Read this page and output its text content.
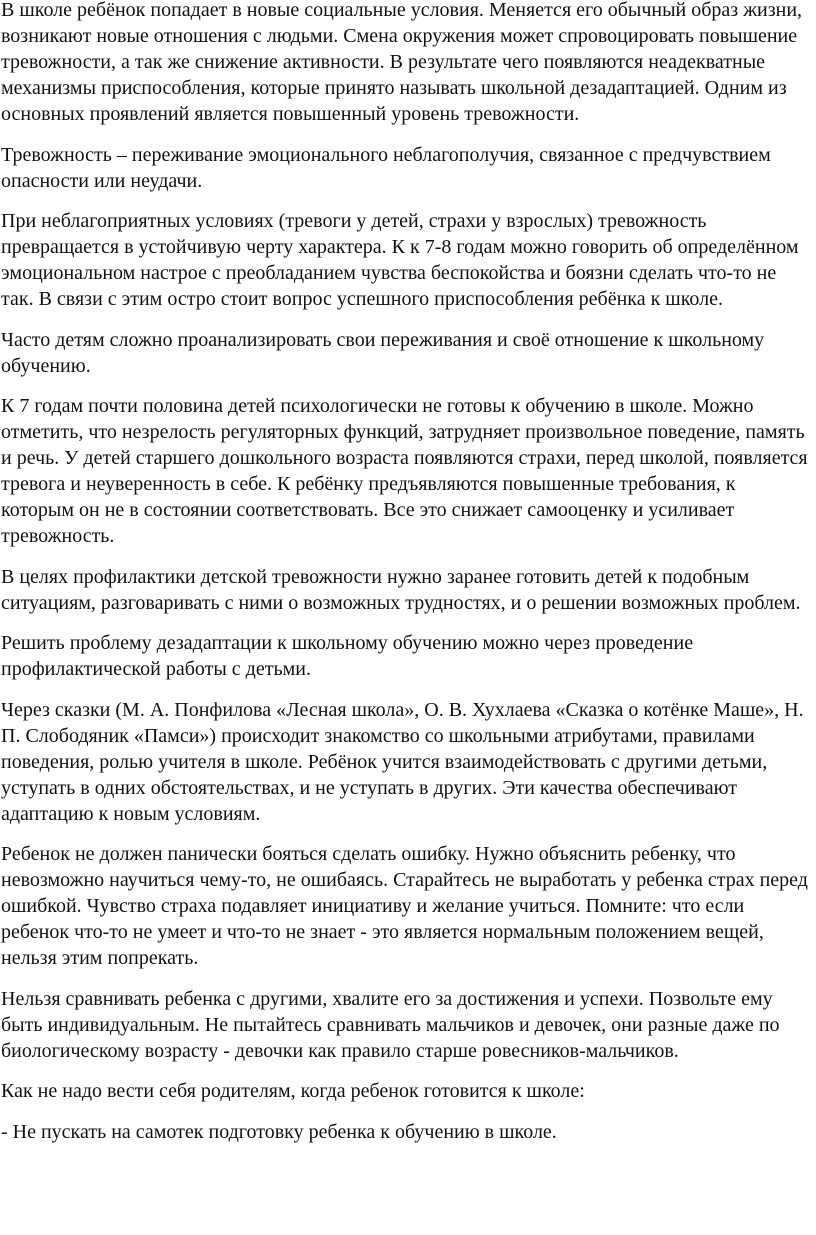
В школе ребёнок попадает в новые социальные условия. Меняется его обычный образ жизни, возникают новые отношения с людьми. Смена окружения может спровоцировать повышение тревожности, а так же снижение активности. В результате чего появляются неадекватные механизмы приспособления, которые принято называть школьной дезадаптацией. Одним из основных проявлений является повышенный уровень тревожности.

Тревожность – переживание эмоционального неблагополучия, связанное с предчувствием опасности или неудачи.

При неблагоприятных условиях (тревоги у детей, страхи у взрослых) тревожность превращается в устойчивую черту характера. К к 7-8 годам можно говорить об определённом эмоциональном настрое с преобладанием чувства беспокойства и боязни сделать что-то не так. В связи с этим остро стоит вопрос успешного приспособления ребёнка к школе.

Часто детям сложно проанализировать свои переживания и своё отношение к школьному обучению.

К 7 годам почти половина детей психологически не готовы к обучению в школе. Можно отметить, что незрелость регуляторных функций, затрудняет произвольное поведение, память и речь. У детей старшего дошкольного возраста появляются страхи, перед школой, появляется тревога и неуверенность в себе. К ребёнку предъявляются повышенные требования, к которым он не в состоянии соответствовать. Все это снижает самооценку и усиливает тревожность.

В целях профилактики детской тревожности нужно заранее готовить детей к подобным ситуациям, разговаривать с ними о возможных трудностях, и о решении возможных проблем.

Решить проблему дезадаптации к школьному обучению можно через проведение профилактической работы с детьми.

Через сказки (М. А. Понфилова «Лесная школа», О. В. Хухлаева «Сказка о котёнке Маше», Н. П. Слободяник «Памси») происходит знакомство со школьными атрибутами, правилами поведения, ролью учителя в школе. Ребёнок учится взаимодействовать с другими детьми, уступать в одних обстоятельствах, и не уступать в других. Эти качества обеспечивают адаптацию к новым условиям.

Ребенок не должен панически бояться сделать ошибку. Нужно объяснить ребенку, что невозможно научиться чему-то, не ошибаясь. Старайтесь не выработать у ребенка страх перед ошибкой. Чувство страха подавляет инициативу и желание учиться. Помните: что если ребенок что-то не умеет и что-то не знает - это является нормальным положением вещей, нельзя этим попрекать.

Нельзя сравнивать ребенка с другими, хвалите его за достижения и успехи. Позвольте ему быть индивидуальным. Не пытайтесь сравнивать мальчиков и девочек, они разные даже по биологическому возрасту - девочки как правило старше ровесников-мальчиков.

Как не надо вести себя родителям, когда ребенок готовится к школе:

- Не пускать на самотек подготовку ребенка к обучению в школе.
